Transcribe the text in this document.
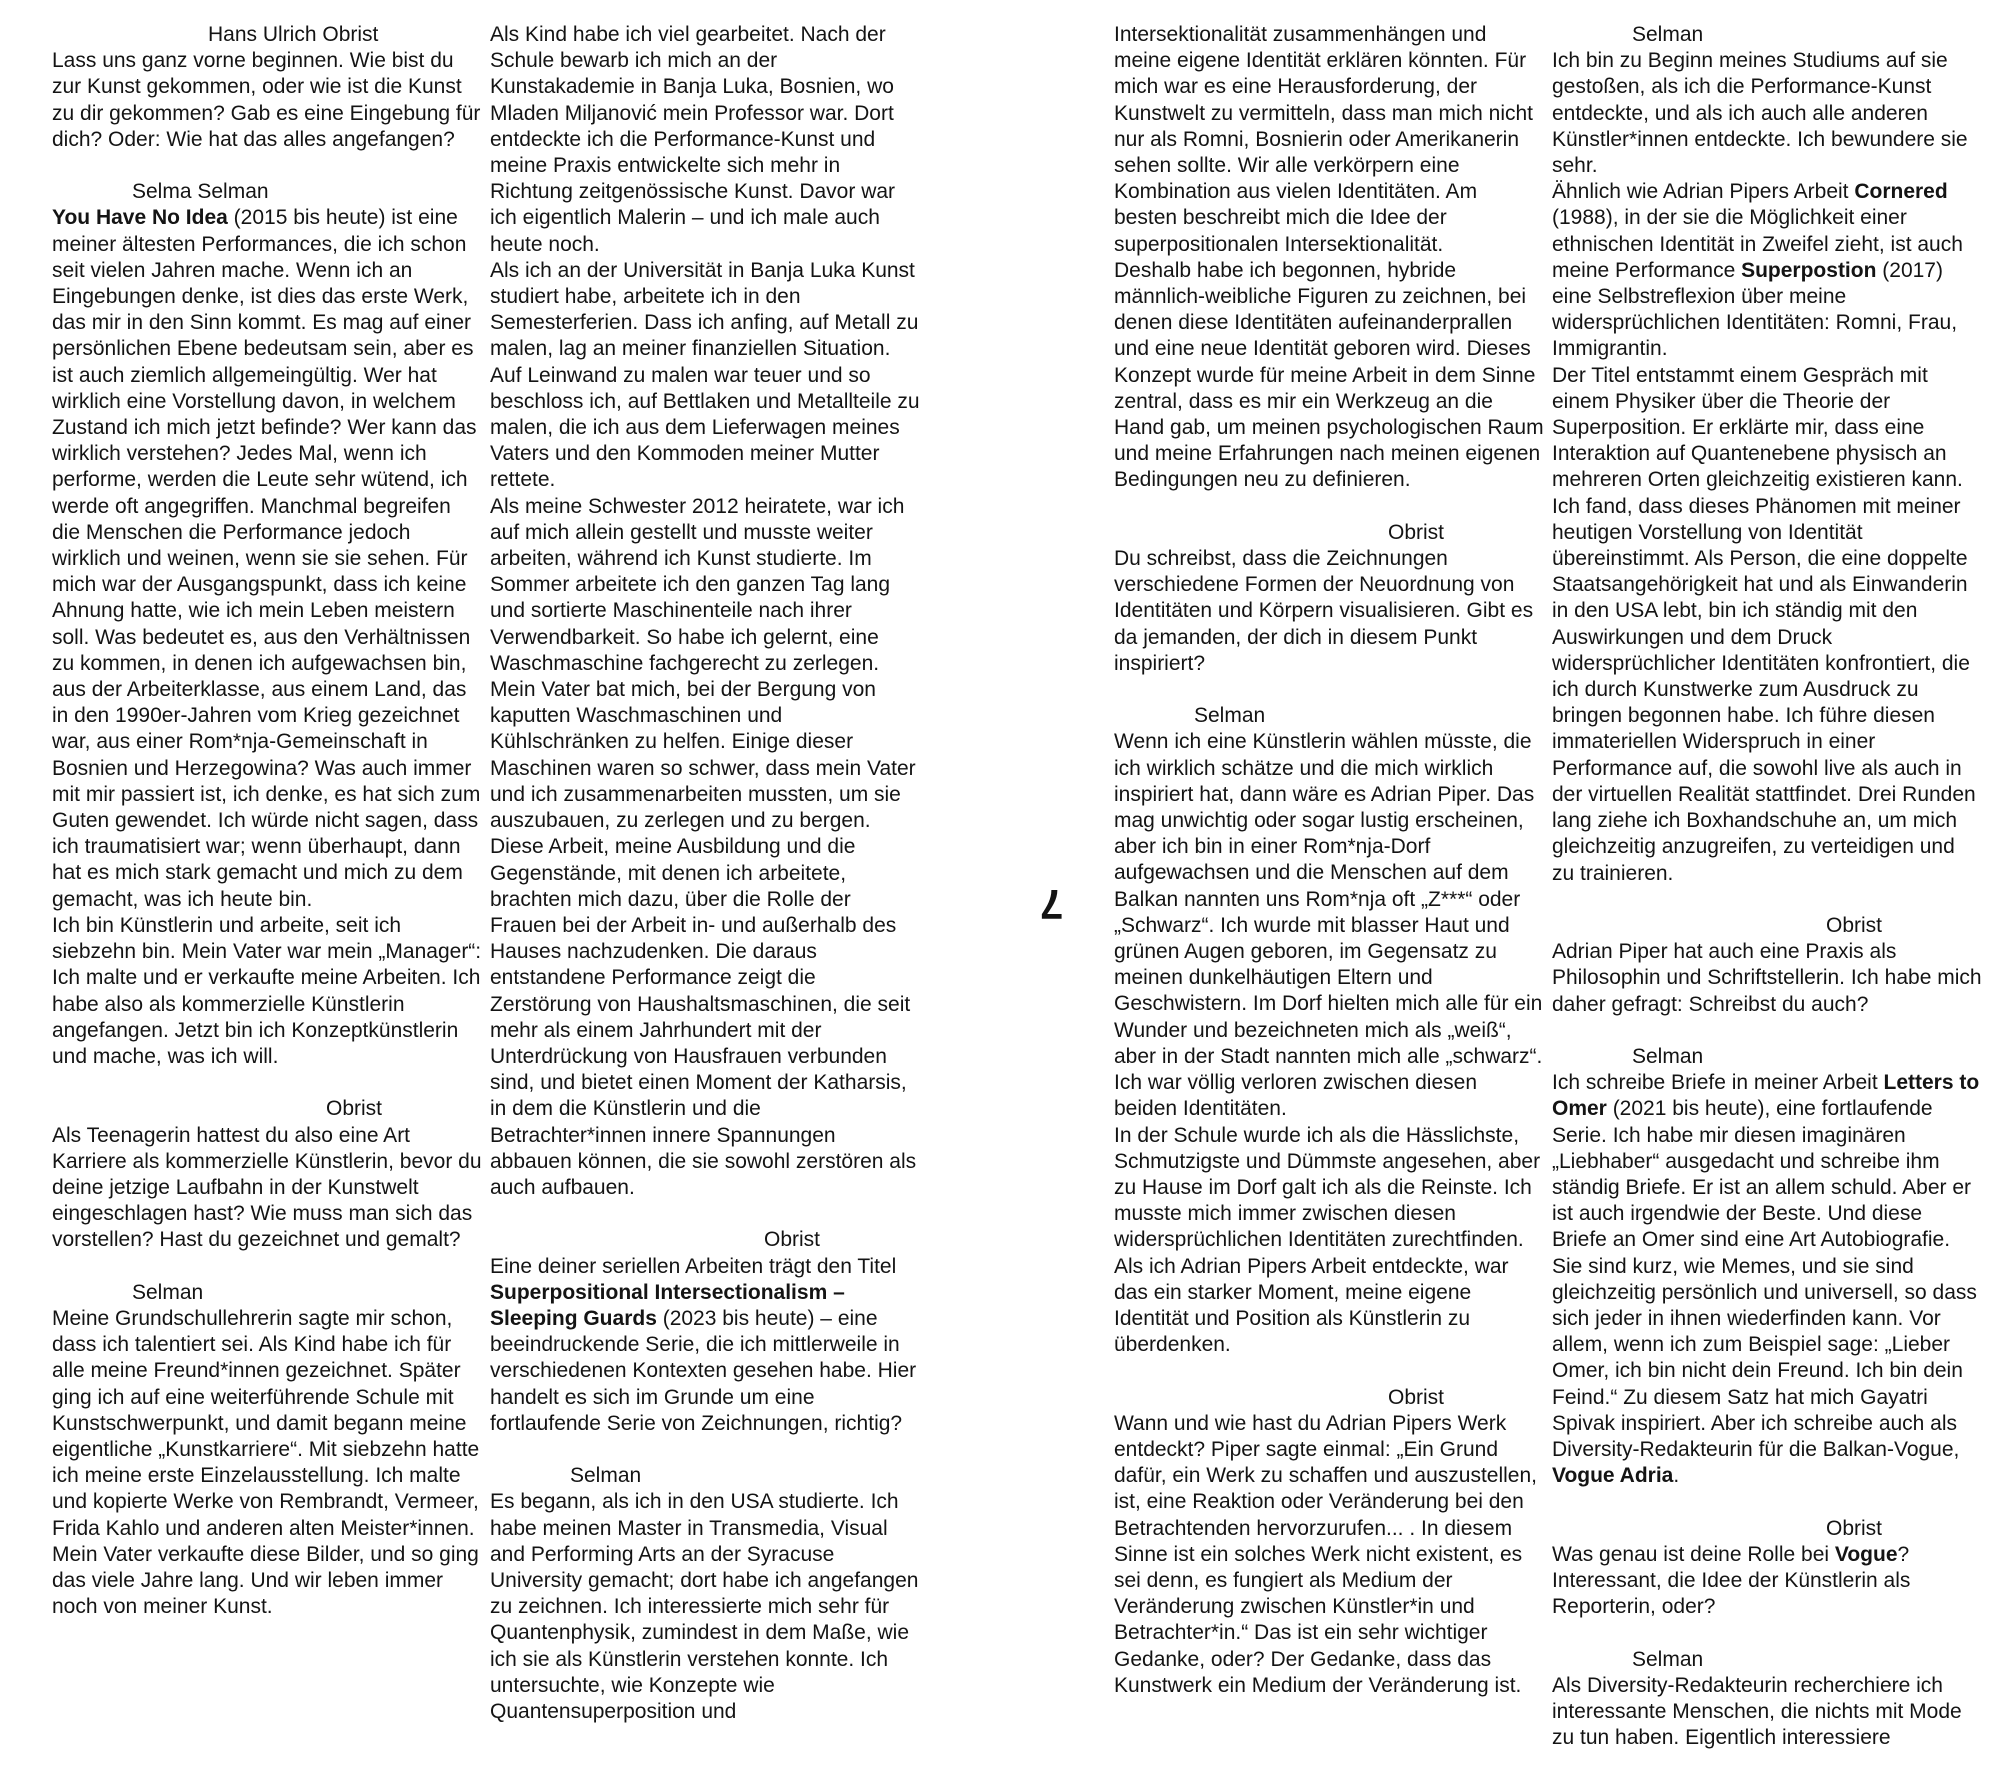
Hans Ulrich Obrist
Lass uns ganz vorne beginnen. Wie bist du zur Kunst gekommen, oder wie ist die Kunst zu dir gekommen? Gab es eine Eingebung für dich? Oder: Wie hat das alles angefangen?
Selma Selman
You Have No Idea (2015 bis heute) ist eine meiner ältesten Performances, die ich schon seit vielen Jahren mache. Wenn ich an Eingebungen denke, ist dies das erste Werk, das mir in den Sinn kommt. Es mag auf einer persönlichen Ebene bedeutsam sein, aber es ist auch ziemlich allgemeingültig. Wer hat wirklich eine Vorstellung davon, in welchem Zustand ich mich jetzt befinde? Wer kann das wirklich verstehen? Jedes Mal, wenn ich performe, werden die Leute sehr wütend, ich werde oft angegriffen. Manchmal begreifen die Menschen die Performance jedoch wirklich und weinen, wenn sie sie sehen. Für mich war der Ausgangspunkt, dass ich keine Ahnung hatte, wie ich mein Leben meistern soll. Was bedeutet es, aus den Verhältnissen zu kommen, in denen ich aufgewachsen bin, aus der Arbeiterklasse, aus einem Land, das in den 1990er-Jahren vom Krieg gezeichnet war, aus einer Rom*nja-Gemeinschaft in Bosnien und Herzegowina? Was auch immer mit mir passiert ist, ich denke, es hat sich zum Guten gewendet. Ich würde nicht sagen, dass ich traumatisiert war; wenn überhaupt, dann hat es mich stark gemacht und mich zu dem gemacht, was ich heute bin.
Ich bin Künstlerin und arbeite, seit ich siebzehn bin. Mein Vater war mein „Manager“: Ich malte und er verkaufte meine Arbeiten. Ich habe also als kommerzielle Künstlerin angefangen. Jetzt bin ich Konzeptkünstlerin und mache, was ich will.
Obrist
Als Teenagerin hattest du also eine Art Karriere als kommerzielle Künstlerin, bevor du deine jetzige Laufbahn in der Kunstwelt eingeschlagen hast? Wie muss man sich das vorstellen? Hast du gezeichnet und gemalt?
Selman
Meine Grundschullehrerin sagte mir schon, dass ich talentiert sei. Als Kind habe ich für alle meine Freund*innen gezeichnet. Später ging ich auf eine weiterführende Schule mit Kunstschwerpunkt, und damit begann meine eigentliche „Kunstkarriere“. Mit siebzehn hatte ich meine erste Einzelausstellung. Ich malte und kopierte Werke von Rembrandt, Vermeer, Frida Kahlo und anderen alten Meister*innen. Mein Vater verkaufte diese Bilder, und so ging das viele Jahre lang. Und wir leben immer noch von meiner Kunst.
Als Kind habe ich viel gearbeitet. Nach der Schule bewarb ich mich an der Kunstakademie in Banja Luka, Bosnien, wo Mladen Miljanović mein Professor war. Dort entdeckte ich die Performance-Kunst und meine Praxis entwickelte sich mehr in Richtung zeitgenössische Kunst. Davor war ich eigentlich Malerin – und ich male auch heute noch.
Als ich an der Universität in Banja Luka Kunst studiert habe, arbeitete ich in den Semesterferien. Dass ich anfing, auf Metall zu malen, lag an meiner finanziellen Situation. Auf Leinwand zu malen war teuer und so beschloss ich, auf Bettlaken und Metallteile zu malen, die ich aus dem Lieferwagen meines Vaters und den Kommoden meiner Mutter rettete.
Als meine Schwester 2012 heiratete, war ich auf mich allein gestellt und musste weiter arbeiten, während ich Kunst studierte. Im Sommer arbeitete ich den ganzen Tag lang und sortierte Maschinenteile nach ihrer Verwendbarkeit. So habe ich gelernt, eine Waschmaschine fachgerecht zu zerlegen. Mein Vater bat mich, bei der Bergung von kaputten Waschmaschinen und Kühlschränken zu helfen. Einige dieser Maschinen waren so schwer, dass mein Vater und ich zusammenarbeiten mussten, um sie auszubauen, zu zerlegen und zu bergen.
Diese Arbeit, meine Ausbildung und die Gegenstände, mit denen ich arbeitete, brachten mich dazu, über die Rolle der Frauen bei der Arbeit in- und außerhalb des Hauses nachzudenken. Die daraus entstandene Performance zeigt die Zerstörung von Haushaltsmaschinen, die seit mehr als einem Jahrhundert mit der Unterdrückung von Hausfrauen verbunden sind, und bietet einen Moment der Katharsis, in dem die Künstlerin und die Betrachter*innen innere Spannungen abbauen können, die sie sowohl zerstören als auch aufbauen.
Obrist
Eine deiner seriellen Arbeiten trägt den Titel Superpositional Intersectionalism – Sleeping Guards (2023 bis heute) – eine beeindruckende Serie, die ich mittlerweile in verschiedenen Kontexten gesehen habe. Hier handelt es sich im Grunde um eine fortlaufende Serie von Zeichnungen, richtig?
Selman
Es begann, als ich in den USA studierte. Ich habe meinen Master in Transmedia, Visual and Performing Arts an der Syracuse University gemacht; dort habe ich angefangen zu zeichnen. Ich interessierte mich sehr für Quantenphysik, zumindest in dem Maße, wie ich sie als Künstlerin verstehen konnte. Ich untersuchte, wie Konzepte wie Quantensuperposition und
7
Intersektionalität zusammenhängen und meine eigene Identität erklären könnten. Für mich war es eine Herausforderung, der Kunstwelt zu vermitteln, dass man mich nicht nur als Romni, Bosnierin oder Amerikanerin sehen sollte. Wir alle verkörpern eine Kombination aus vielen Identitäten. Am besten beschreibt mich die Idee der superpositionalen Intersektionalität.
Deshalb habe ich begonnen, hybride männlich-weibliche Figuren zu zeichnen, bei denen diese Identitäten aufeinanderprallen und eine neue Identität geboren wird. Dieses Konzept wurde für meine Arbeit in dem Sinne zentral, dass es mir ein Werkzeug an die Hand gab, um meinen psychologischen Raum und meine Erfahrungen nach meinen eigenen Bedingungen neu zu definieren.
Obrist
Du schreibst, dass die Zeichnungen verschiedene Formen der Neuordnung von Identitäten und Körpern visualisieren. Gibt es da jemanden, der dich in diesem Punkt inspiriert?
Selman
Wenn ich eine Künstlerin wählen müsste, die ich wirklich schätze und die mich wirklich inspiriert hat, dann wäre es Adrian Piper. Das mag unwichtig oder sogar lustig erscheinen, aber ich bin in einer Rom*nja-Dorf aufgewachsen und die Menschen auf dem Balkan nannten uns Rom*nja oft „Z***“ oder „Schwarz“. Ich wurde mit blasser Haut und grünen Augen geboren, im Gegensatz zu meinen dunkelhäutigen Eltern und Geschwistern. Im Dorf hielten mich alle für ein Wunder und bezeichneten mich als „weiß“, aber in der Stadt nannten mich alle „schwarz“. Ich war völlig verloren zwischen diesen beiden Identitäten.
In der Schule wurde ich als die Hässlichste, Schmutzigste und Dümmste angesehen, aber zu Hause im Dorf galt ich als die Reinste. Ich musste mich immer zwischen diesen widersprüchlichen Identitäten zurechtfinden. Als ich Adrian Pipers Arbeit entdeckte, war das ein starker Moment, meine eigene Identität und Position als Künstlerin zu überdenken.
Obrist
Wann und wie hast du Adrian Pipers Werk entdeckt? Piper sagte einmal: „Ein Grund dafür, ein Werk zu schaffen und auszustellen, ist, eine Reaktion oder Veränderung bei den Betrachtenden hervorzurufen... . In diesem Sinne ist ein solches Werk nicht existent, es sei denn, es fungiert als Medium der Veränderung zwischen Künstler*in und Betrachter*in.“ Das ist ein sehr wichtiger Gedanke, oder? Der Gedanke, dass das Kunstwerk ein Medium der Veränderung ist.
Selman
Ich bin zu Beginn meines Studiums auf sie gestoßen, als ich die Performance-Kunst entdeckte, und als ich auch alle anderen Künstler*innen entdeckte. Ich bewundere sie sehr.
Ähnlich wie Adrian Pipers Arbeit Cornered (1988), in der sie die Möglichkeit einer ethnischen Identität in Zweifel zieht, ist auch meine Performance Superpostion (2017) eine Selbstreflexion über meine widersprüchlichen Identitäten: Romni, Frau, Immigrantin.
Der Titel entstammt einem Gespräch mit einem Physiker über die Theorie der Superposition. Er erklärte mir, dass eine Interaktion auf Quantenebene physisch an mehreren Orten gleichzeitig existieren kann. Ich fand, dass dieses Phänomen mit meiner heutigen Vorstellung von Identität übereinstimmt. Als Person, die eine doppelte Staatsangehörigkeit hat und als Einwanderin in den USA lebt, bin ich ständig mit den Auswirkungen und dem Druck widersprüchlicher Identitäten konfrontiert, die ich durch Kunstwerke zum Ausdruck zu bringen begonnen habe. Ich führe diesen immateriellen Widerspruch in einer Performance auf, die sowohl live als auch in der virtuellen Realität stattfindet. Drei Runden lang ziehe ich Boxhandschuhe an, um mich gleichzeitig anzugreifen, zu verteidigen und zu trainieren.
Obrist
Adrian Piper hat auch eine Praxis als Philosophin und Schriftstellerin. Ich habe mich daher gefragt: Schreibst du auch?
Selman
Ich schreibe Briefe in meiner Arbeit Letters to Omer (2021 bis heute), eine fortlaufende Serie. Ich habe mir diesen imaginären „Liebhaber“ ausgedacht und schreibe ihm ständig Briefe. Er ist an allem schuld. Aber er ist auch irgendwie der Beste. Und diese Briefe an Omer sind eine Art Autobiografie. Sie sind kurz, wie Memes, und sie sind gleichzeitig persönlich und universell, so dass sich jeder in ihnen wiederfinden kann. Vor allem, wenn ich zum Beispiel sage: „Lieber Omer, ich bin nicht dein Freund. Ich bin dein Feind.“ Zu diesem Satz hat mich Gayatri Spivak inspiriert. Aber ich schreibe auch als Diversity-Redakteurin für die Balkan-Vogue, Vogue Adria.
Obrist
Was genau ist deine Rolle bei Vogue? Interessant, die Idee der Künstlerin als Reporterin, oder?
Selman
Als Diversity-Redakteurin recherchiere ich interessante Menschen, die nichts mit Mode zu tun haben. Eigentlich interessiere
